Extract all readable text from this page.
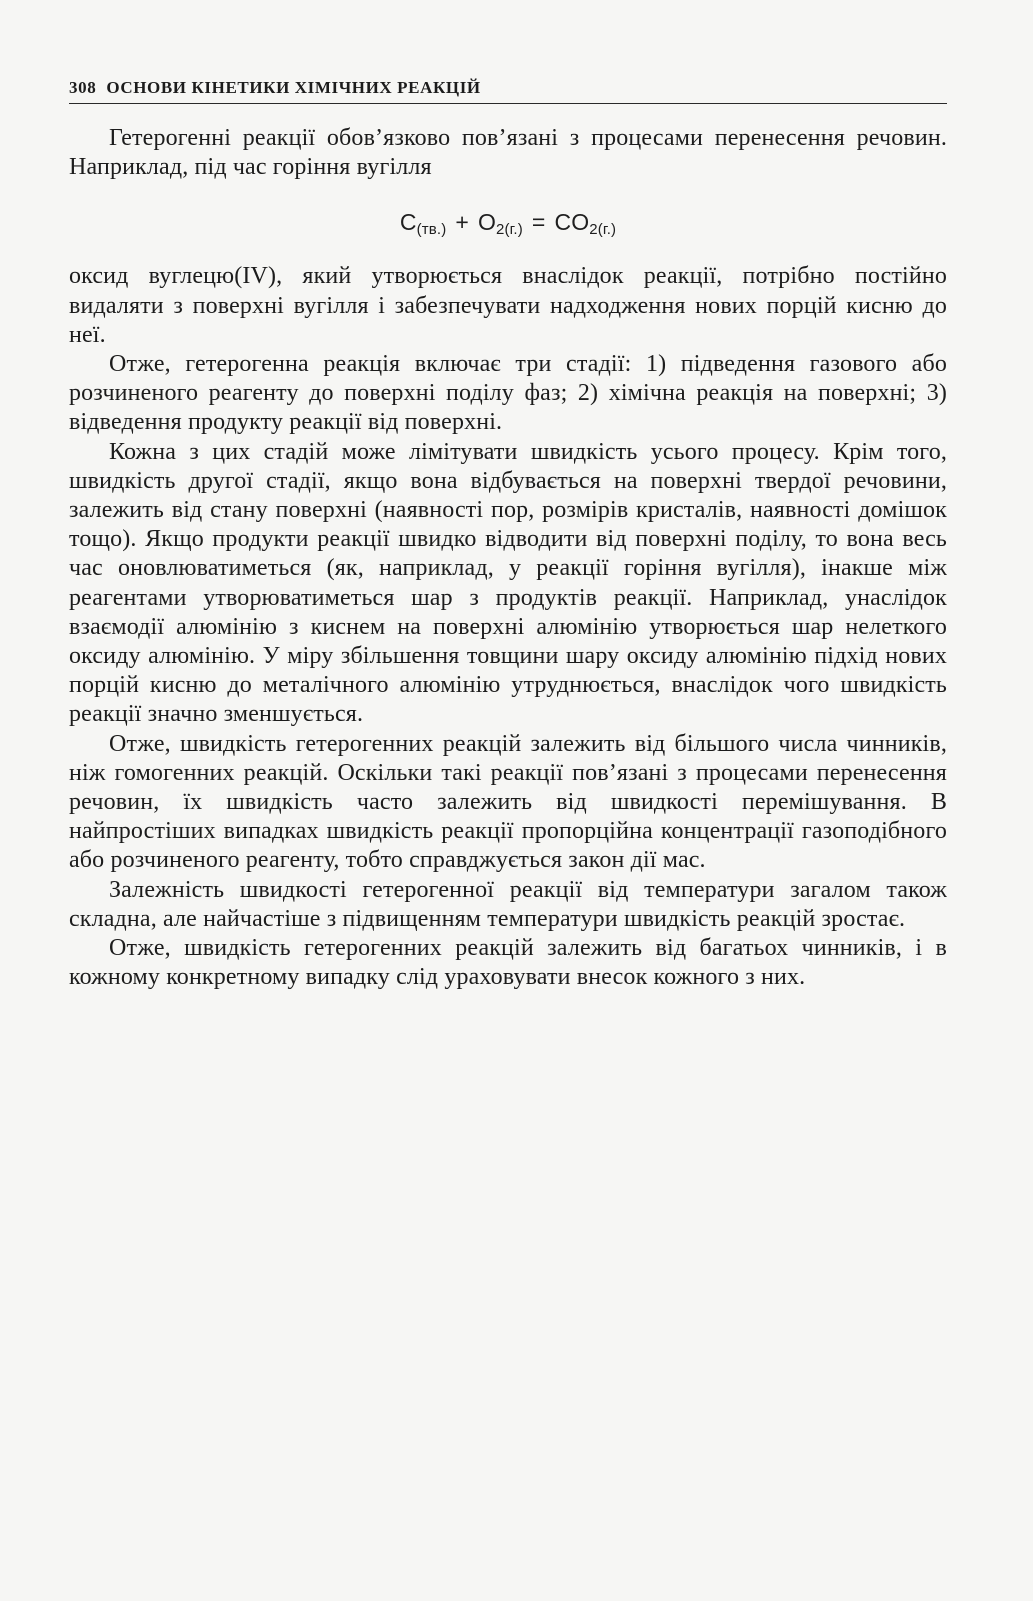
308 ОСНОВИ КІНЕТИКИ ХІМІЧНИХ РЕАКЦІЙ

Гетерогенні реакції обов’язково пов’язані з процесами перенесення речовин. Наприклад, під час горіння вугілля

$C_{(тв.)} + O_{2(г.)} = CO_{2(г.)}$

оксид вуглецю(IV), який утворюється внаслідок реакції, потрібно постійно видаляти з поверхні вугілля і забезпечувати надходження нових порцій кисню до неї.

Отже, гетерогенна реакція включає три стадії: 1) підведення газового або розчиненого реагенту до поверхні поділу фаз; 2) хімічна реакція на поверхні; 3) відведення продукту реакції від поверхні.

Кожна з цих стадій може лімітувати швидкість усього процесу. Крім того, швидкість другої стадії, якщо вона відбувається на поверхні твердої речовини, залежить від стану поверхні (наявності пор, розмірів кристалів, наявності домішок тощо). Якщо продукти реакції швидко відводити від поверхні поділу, то вона весь час оновлюватиметься (як, наприклад, у реакції горіння вугілля), інакше між реагентами утворюватиметься шар з продуктів реакції. Наприклад, унаслідок взаємодії алюмінію з киснем на поверхні алюмінію утворюється шар нелеткого оксиду алюмінію. У міру збільшення товщини шару оксиду алюмінію підхід нових порцій кисню до металічного алюмінію утруднюється, внаслідок чого швидкість реакції значно зменшується.

Отже, швидкість гетерогенних реакцій залежить від більшого числа чинників, ніж гомогенних реакцій. Оскільки такі реакції пов’язані з процесами перенесення речовин, їх швидкість часто залежить від швидкості перемішування. В найпростіших випадках швидкість реакції пропорційна концентрації газоподібного або розчиненого реагенту, тобто справджується закон дії мас.

Залежність швидкості гетерогенної реакції від температури загалом також складна, але найчастіше з підвищенням температури швидкість реакцій зростає.

Отже, швидкість гетерогенних реакцій залежить від багатьох чинників, і в кожному конкретному випадку слід ураховувати внесок кожного з них.
